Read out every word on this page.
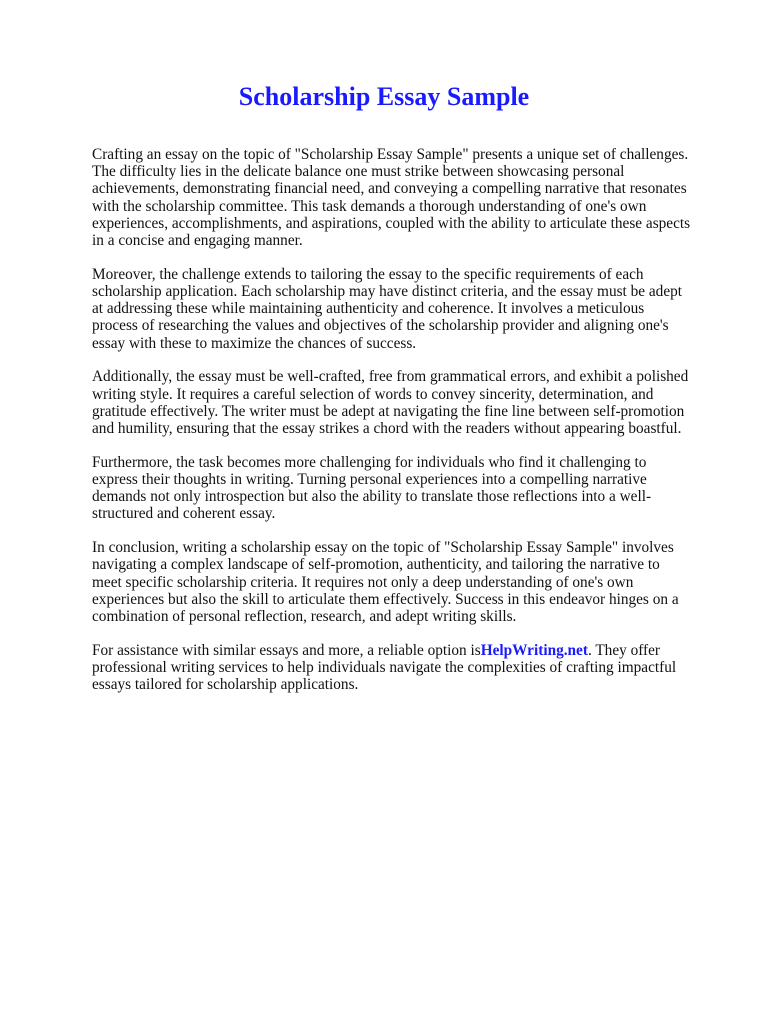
Scholarship Essay Sample

Crafting an essay on the topic of "Scholarship Essay Sample" presents a unique set of challenges. The difficulty lies in the delicate balance one must strike between showcasing personal achievements, demonstrating financial need, and conveying a compelling narrative that resonates with the scholarship committee. This task demands a thorough understanding of one's own experiences, accomplishments, and aspirations, coupled with the ability to articulate these aspects in a concise and engaging manner.

Moreover, the challenge extends to tailoring the essay to the specific requirements of each scholarship application. Each scholarship may have distinct criteria, and the essay must be adept at addressing these while maintaining authenticity and coherence. It involves a meticulous process of researching the values and objectives of the scholarship provider and aligning one's essay with these to maximize the chances of success.

Additionally, the essay must be well-crafted, free from grammatical errors, and exhibit a polished writing style. It requires a careful selection of words to convey sincerity, determination, and gratitude effectively. The writer must be adept at navigating the fine line between self-promotion and humility, ensuring that the essay strikes a chord with the readers without appearing boastful.

Furthermore, the task becomes more challenging for individuals who find it challenging to express their thoughts in writing. Turning personal experiences into a compelling narrative demands not only introspection but also the ability to translate those reflections into a well-structured and coherent essay.

In conclusion, writing a scholarship essay on the topic of "Scholarship Essay Sample" involves navigating a complex landscape of self-promotion, authenticity, and tailoring the narrative to meet specific scholarship criteria. It requires not only a deep understanding of one's own experiences but also the skill to articulate them effectively. Success in this endeavor hinges on a combination of personal reflection, research, and adept writing skills.

For assistance with similar essays and more, a reliable option isHelpWriting.net. They offer professional writing services to help individuals navigate the complexities of crafting impactful essays tailored for scholarship applications.
